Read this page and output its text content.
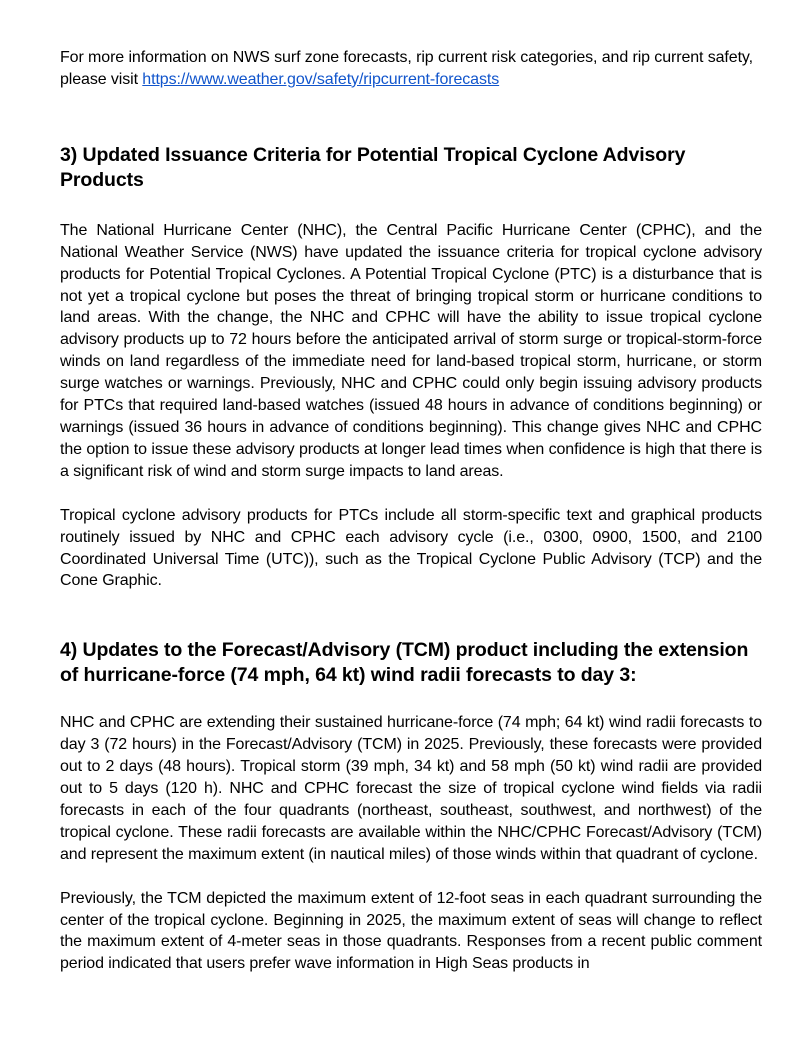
For more information on NWS surf zone forecasts, rip current risk categories, and rip current safety, please visit https://www.weather.gov/safety/ripcurrent-forecasts

3) Updated Issuance Criteria for Potential Tropical Cyclone Advisory Products

The National Hurricane Center (NHC), the Central Pacific Hurricane Center (CPHC), and the National Weather Service (NWS) have updated the issuance criteria for tropical cyclone advisory products for Potential Tropical Cyclones. A Potential Tropical Cyclone (PTC) is a disturbance that is not yet a tropical cyclone but poses the threat of bringing tropical storm or hurricane conditions to land areas. With the change, the NHC and CPHC will have the ability to issue tropical cyclone advisory products up to 72 hours before the anticipated arrival of storm surge or tropical-storm-force winds on land regardless of the immediate need for land-based tropical storm, hurricane, or storm surge watches or warnings. Previously, NHC and CPHC could only begin issuing advisory products for PTCs that required land-based watches (issued 48 hours in advance of conditions beginning) or warnings (issued 36 hours in advance of conditions beginning). This change gives NHC and CPHC the option to issue these advisory products at longer lead times when confidence is high that there is a significant risk of wind and storm surge impacts to land areas.

Tropical cyclone advisory products for PTCs include all storm-specific text and graphical products routinely issued by NHC and CPHC each advisory cycle (i.e., 0300, 0900, 1500, and 2100 Coordinated Universal Time (UTC)), such as the Tropical Cyclone Public Advisory (TCP) and the Cone Graphic.

4) Updates to the Forecast/Advisory (TCM) product including the extension of hurricane-force (74 mph, 64 kt) wind radii forecasts to day 3:

NHC and CPHC are extending their sustained hurricane-force (74 mph; 64 kt) wind radii forecasts to day 3 (72 hours) in the Forecast/Advisory (TCM) in 2025. Previously, these forecasts were provided out to 2 days (48 hours). Tropical storm (39 mph, 34 kt) and 58 mph (50 kt) wind radii are provided out to 5 days (120 h). NHC and CPHC forecast the size of tropical cyclone wind fields via radii forecasts in each of the four quadrants (northeast, southeast, southwest, and northwest) of the tropical cyclone. These radii forecasts are available within the NHC/CPHC Forecast/Advisory (TCM) and represent the maximum extent (in nautical miles) of those winds within that quadrant of cyclone.

Previously, the TCM depicted the maximum extent of 12-foot seas in each quadrant surrounding the center of the tropical cyclone. Beginning in 2025, the maximum extent of seas will change to reflect the maximum extent of 4-meter seas in those quadrants. Responses from a recent public comment period indicated that users prefer wave information in High Seas products in
